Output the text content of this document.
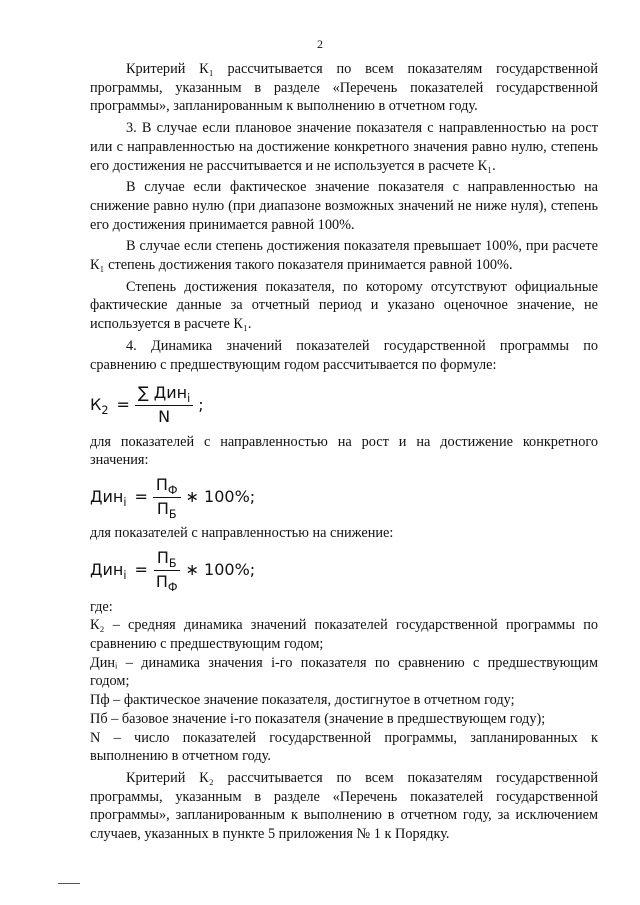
2

Критерий К₁ рассчитывается по всем показателям государственной программы, указанным в разделе «Перечень показателей государственной программы», запланированным к выполнению в отчетном году.

3. В случае если плановое значение показателя с направленностью на рост или с направленностью на достижение конкретного значения равно нулю, степень его достижения не рассчитывается и не используется в расчете К₁.

В случае если фактическое значение показателя с направленностью на снижение равно нулю (при диапазоне возможных значений не ниже нуля), степень его достижения принимается равной 100%.

В случае если степень достижения показателя превышает 100%, при расчете К₁ степень достижения такого показателя принимается равной 100%.

Степень достижения показателя, по которому отсутствуют официальные фактические данные за отчетный период и указано оценочное значение, не используется в расчете К₁.

4. Динамика значений показателей государственной программы по сравнению с предшествующим годом рассчитывается по формуле:

$К_2 = \frac{\sum Дин_i}{N}$ ;

для показателей с направленностью на рост и на достижение конкретного значения:

$Дин_i = \frac{П_Ф}{П_Б}$ ∗ 100%;

для показателей с направленностью на снижение:

$Дин_i = \frac{П_Б}{П_Ф}$ ∗ 100%;

где:

К₂ – средняя динамика значений показателей государственной программы по сравнению с предшествующим годом;

Динᵢ – динамика значения i-го показателя по сравнению с предшествующим годом;

Пф – фактическое значение показателя, достигнутое в отчетном году;

Пб – базовое значение i-го показателя (значение в предшествующем году);

N – число показателей государственной программы, запланированных к выполнению в отчетном году.

Критерий К₂ рассчитывается по всем показателям государственной программы, указанным в разделе «Перечень показателей государственной программы», запланированным к выполнению в отчетном году, за исключением случаев, указанных в пункте 5 приложения № 1 к Порядку.
